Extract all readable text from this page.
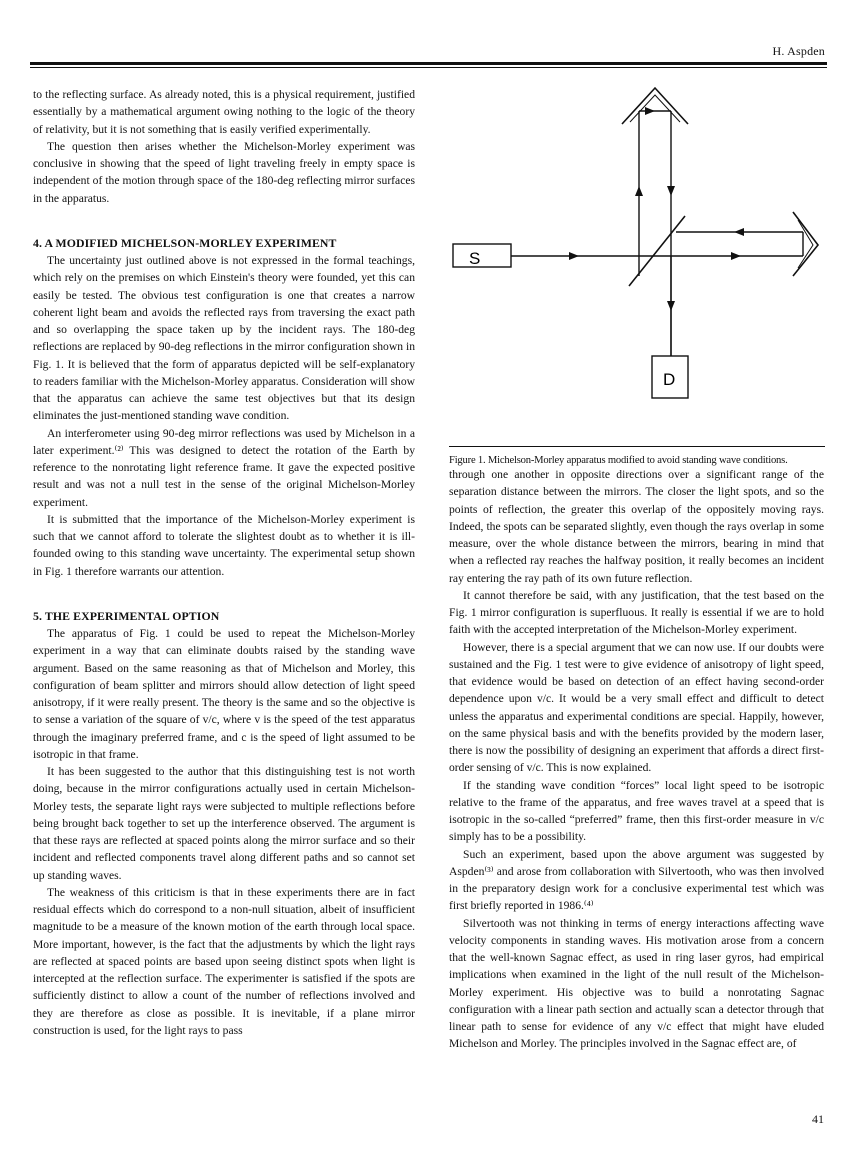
H. Aspden

to the reflecting surface. As already noted, this is a physical requirement, justified essentially by a mathematical argument owing nothing to the logic of the theory of relativity, but it is not something that is easily verified experimentally.

The question then arises whether the Michelson-Morley experiment was conclusive in showing that the speed of light traveling freely in empty space is independent of the motion through space of the 180-deg reflecting mirror surfaces in the apparatus.

4. A MODIFIED MICHELSON-MORLEY EXPERIMENT

The uncertainty just outlined above is not expressed in the formal teachings, which rely on the premises on which Einstein's theory were founded, yet this can easily be tested. The obvious test configuration is one that creates a narrow coherent light beam and avoids the reflected rays from traversing the exact path and so overlapping the space taken up by the incident rays. The 180-deg reflections are replaced by 90-deg reflections in the mirror configuration shown in Fig. 1. It is believed that the form of apparatus depicted will be self-explanatory to readers familiar with the Michelson-Morley apparatus. Consideration will show that the apparatus can achieve the same test objectives but that its design eliminates the just-mentioned standing wave condition.

An interferometer using 90-deg mirror reflections was used by Michelson in a later experiment.⁽²⁾ This was designed to detect the rotation of the Earth by reference to the nonrotating light reference frame. It gave the expected positive result and was not a null test in the sense of the original Michelson-Morley experiment.

It is submitted that the importance of the Michelson-Morley experiment is such that we cannot afford to tolerate the slightest doubt as to whether it is ill-founded owing to this standing wave uncertainty. The experimental setup shown in Fig. 1 therefore warrants our attention.

5. THE EXPERIMENTAL OPTION

The apparatus of Fig. 1 could be used to repeat the Michelson-Morley experiment in a way that can eliminate doubts raised by the standing wave argument. Based on the same reasoning as that of Michelson and Morley, this configuration of beam splitter and mirrors should allow detection of light speed anisotropy, if it were really present. The theory is the same and so the objective is to sense a variation of the square of v/c, where v is the speed of the test apparatus through the imaginary preferred frame, and c is the speed of light assumed to be isotropic in that frame.

It has been suggested to the author that this distinguishing test is not worth doing, because in the mirror configurations actually used in certain Michelson-Morley tests, the separate light rays were subjected to multiple reflections before being brought back together to set up the interference observed. The argument is that these rays are reflected at spaced points along the mirror surface and so their incident and reflected components travel along different paths and so cannot set up standing waves.

The weakness of this criticism is that in these experiments there are in fact residual effects which do correspond to a non-null situation, albeit of insufficient magnitude to be a measure of the known motion of the earth through local space. More important, however, is the fact that the adjustments by which the light rays are reflected at spaced points are based upon seeing distinct spots when light is intercepted at the reflection surface. The experimenter is satisfied if the spots are sufficiently distinct to allow a count of the number of reflections involved and they are therefore as close as possible. It is inevitable, if a plane mirror construction is used, for the light rays to pass

S
D
Figure 1. Michelson-Morley apparatus modified to avoid standing wave conditions.

through one another in opposite directions over a significant range of the separation distance between the mirrors. The closer the light spots, and so the points of reflection, the greater this overlap of the oppositely moving rays. Indeed, the spots can be separated slightly, even though the rays overlap in some measure, over the whole distance between the mirrors, bearing in mind that when a reflected ray reaches the halfway position, it really becomes an incident ray entering the ray path of its own future reflection.

It cannot therefore be said, with any justification, that the test based on the Fig. 1 mirror configuration is superfluous. It really is essential if we are to hold faith with the accepted interpretation of the Michelson-Morley experiment.

However, there is a special argument that we can now use. If our doubts were sustained and the Fig. 1 test were to give evidence of anisotropy of light speed, that evidence would be based on detection of an effect having second-order dependence upon v/c. It would be a very small effect and difficult to detect unless the apparatus and experimental conditions are special. Happily, however, on the same physical basis and with the benefits provided by the modern laser, there is now the possibility of designing an experiment that affords a direct first-order sensing of v/c. This is now explained.

If the standing wave condition “forces” local light speed to be isotropic relative to the frame of the apparatus, and free waves travel at a speed that is isotropic in the so-called “preferred” frame, then this first-order measure in v/c simply has to be a possibility.

Such an experiment, based upon the above argument was suggested by Aspden⁽³⁾ and arose from collaboration with Silvertooth, who was then involved in the preparatory design work for a conclusive experimental test which was first briefly reported in 1986.⁽⁴⁾

Silvertooth was not thinking in terms of energy interactions affecting wave velocity components in standing waves. His motivation arose from a concern that the well-known Sagnac effect, as used in ring laser gyros, had empirical implications when examined in the light of the null result of the Michelson-Morley experiment. His objective was to build a nonrotating Sagnac configuration with a linear path section and actually scan a detector through that linear path to sense for evidence of any v/c effect that might have eluded Michelson and Morley. The principles involved in the Sagnac effect are, of

41
